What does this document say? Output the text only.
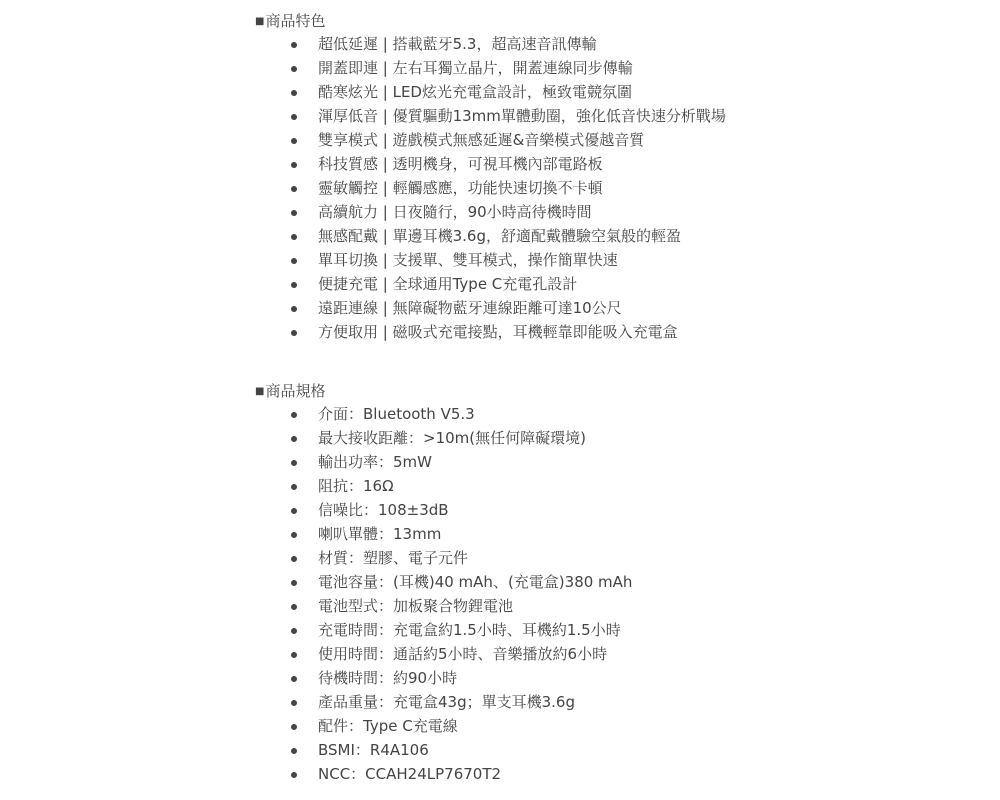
■商品特色
超低延遲 | 搭載藍牙5.3，超高速音訊傳輸
開蓋即連 | 左右耳獨立晶片，開蓋連線同步傳輸
酷寒炫光 | LED炫光充電盒設計，極致電競氛圍
渾厚低音 | 優質驅動13mm單體動圈，強化低音快速分析戰場
雙享模式 | 遊戲模式無感延遲&音樂模式優越音質
科技質感 | 透明機身，可視耳機內部電路板
靈敏觸控 | 輕觸感應，功能快速切換不卡頓
高續航力 | 日夜隨行，90小時高待機時間
無感配戴 | 單邊耳機3.6g，舒適配戴體驗空氣般的輕盈
單耳切換 | 支援單、雙耳模式，操作簡單快速
便捷充電 | 全球通用Type C充電孔設計
遠距連線 | 無障礙物藍牙連線距離可達10公尺
方便取用 | 磁吸式充電接點，耳機輕靠即能吸入充電盒
■商品規格
介面：Bluetooth V5.3
最大接收距離：>10m(無任何障礙環境)
輸出功率：5mW
阻抗：16Ω
信噪比：108±3dB
喇叭單體：13mm
材質：塑膠、電子元件
電池容量：(耳機)40 mAh、(充電盒)380 mAh
電池型式：加板聚合物鋰電池
充電時間：充電盒約1.5小時、耳機約1.5小時
使用時間：通話約5小時、音樂播放約6小時
待機時間：約90小時
產品重量：充電盒43g；單支耳機3.6g
配件：Type C充電線
BSMI：R4A106
NCC：CCAH24LP7670T2
